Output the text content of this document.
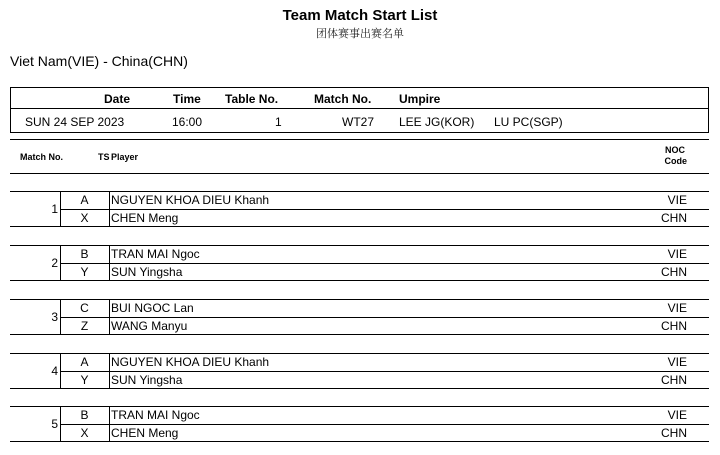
Team Match Start List
团体赛事出赛名单
Viet Nam(VIE) - China(CHN)
Date	Time Table No.	Match No. Umpire
SUN 24 SEP 2023	16:00	1	WT27 LEE JG(KOR) LU PC(SGP)
Match No.	TS Player
NOC
Code
1
A	NGUYEN KHOA DIEU Khanh	VIE
X	CHEN Meng	CHN
2
B	TRAN MAI Ngoc	VIE
Y	SUN Yingsha	CHN
3
C	BUI NGOC Lan	VIE
Z	WANG Manyu	CHN
4
A	NGUYEN KHOA DIEU Khanh	VIE
Y	SUN Yingsha	CHN
5
B	TRAN MAI Ngoc	VIE
X	CHEN Meng	CHN
